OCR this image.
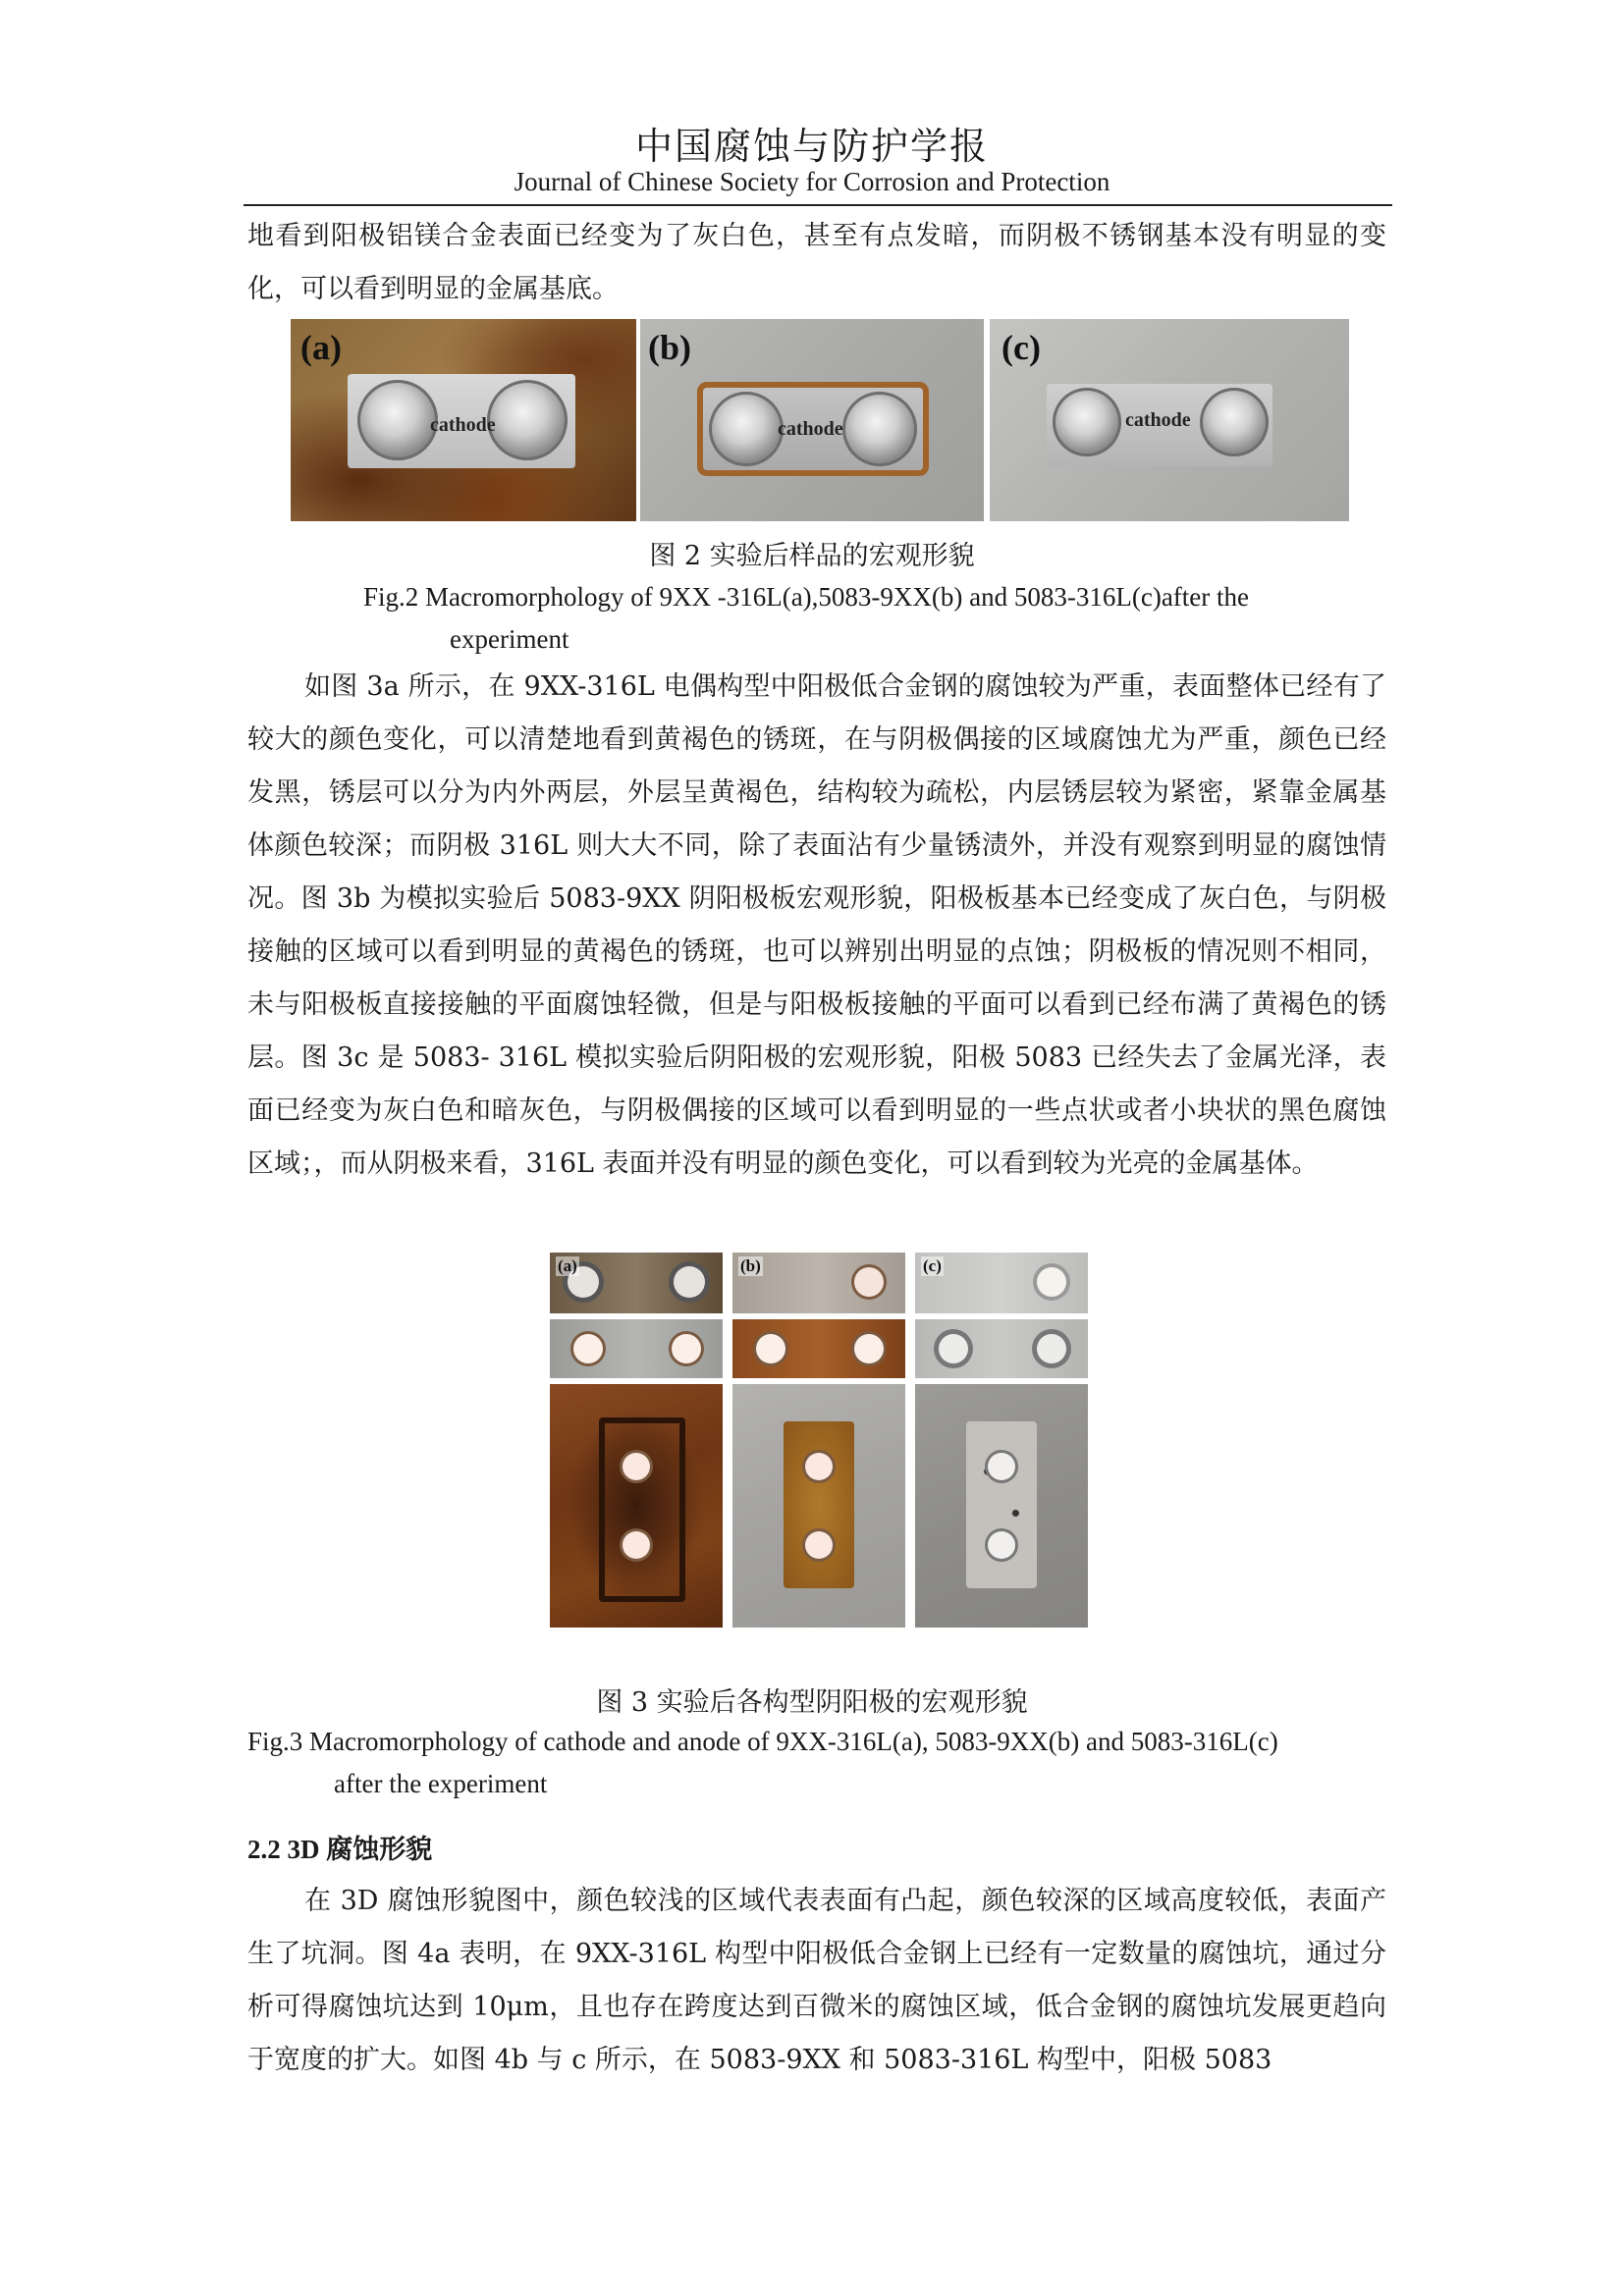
中国腐蚀与防护学报
Journal of Chinese Society for Corrosion and Protection

地看到阳极铝镁合金表面已经变为了灰白色，甚至有点发暗，而阴极不锈钢基本没有明显的变化，可以看到明显的金属基底。

cathode
(a)
cathode
(b)
cathode
(c)
图 2 实验后样品的宏观形貌
Fig.2 Macromorphology of 9XX -316L(a),5083-9XX(b) and 5083-316L(c)after the
experiment

如图 3a 所示，在 9XX-316L 电偶构型中阳极低合金钢的腐蚀较为严重，表面整体已经有了较大的颜色变化，可以清楚地看到黄褐色的锈斑，在与阴极偶接的区域腐蚀尤为严重，颜色已经发黑，锈层可以分为内外两层，外层呈黄褐色，结构较为疏松，内层锈层较为紧密，紧靠金属基体颜色较深；而阴极 316L 则大大不同，除了表面沾有少量锈渍外，并没有观察到明显的腐蚀情况。图 3b 为模拟实验后 5083-9XX 阴阳极板宏观形貌，阳极板基本已经变成了灰白色，与阴极接触的区域可以看到明显的黄褐色的锈斑，也可以辨别出明显的点蚀；阴极板的情况则不相同，未与阳极板直接接触的平面腐蚀轻微，但是与阳极板接触的平面可以看到已经布满了黄褐色的锈层。图 3c 是 5083- 316L 模拟实验后阴阳极的宏观形貌，阳极 5083 已经失去了金属光泽，表面已经变为灰白色和暗灰色，与阴极偶接的区域可以看到明显的一些点状或者小块状的黑色腐蚀区域；，而从阴极来看，316L 表面并没有明显的颜色变化，可以看到较为光亮的金属基体。

(a)	(b)	(c)
图 3 实验后各构型阴阳极的宏观形貌
Fig.3 Macromorphology of cathode and anode of 9XX-316L(a), 5083-9XX(b) and 5083-316L(c)
after the experiment
2.2 3D 腐蚀形貌

在 3D 腐蚀形貌图中，颜色较浅的区域代表表面有凸起，颜色较深的区域高度较低，表面产生了坑洞。图 4a 表明，在 9XX-316L 构型中阳极低合金钢上已经有一定数量的腐蚀坑，通过分析可得腐蚀坑达到 10μm，且也存在跨度达到百微米的腐蚀区域，低合金钢的腐蚀坑发展更趋向于宽度的扩大。如图 4b 与 c 所示，在 5083-9XX 和 5083-316L 构型中，阳极 5083
